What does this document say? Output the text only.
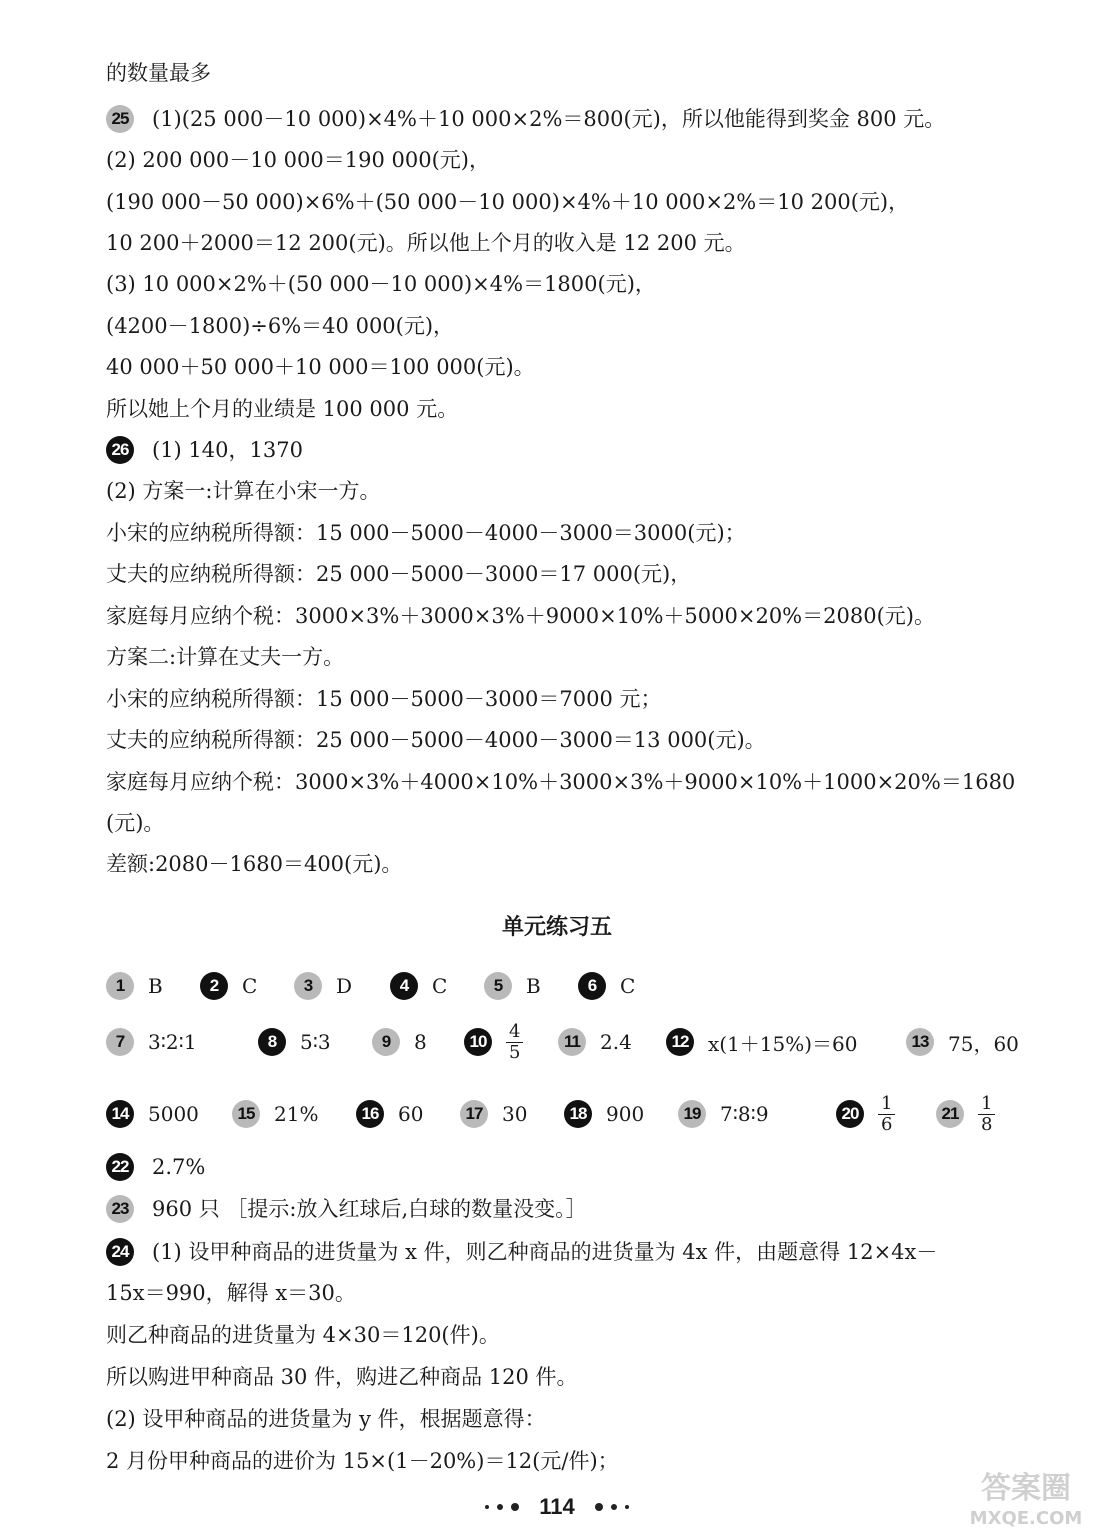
的数量最多
25 (1)(25 000－10 000)×4%＋10 000×2%＝800(元)，所以他能得到奖金 800 元。
(2) 200 000－10 000＝190 000(元)，
(190 000－50 000)×6%＋(50 000－10 000)×4%＋10 000×2%＝10 200(元)，
10 200＋2000＝12 200(元)。所以他上个月的收入是 12 200 元。
(3) 10 000×2%＋(50 000－10 000)×4%＝1800(元)，
(4200－1800)÷6%＝40 000(元)，
40 000＋50 000＋10 000＝100 000(元)。
所以她上个月的业绩是 100 000 元。
26 (1) 140，1370
(2) 方案一:计算在小宋一方。
小宋的应纳税所得额：15 000－5000－4000－3000＝3000(元)；
丈夫的应纳税所得额：25 000－5000－3000＝17 000(元)，
家庭每月应纳个税：3000×3%＋3000×3%＋9000×10%＋5000×20%＝2080(元)。
方案二:计算在丈夫一方。
小宋的应纳税所得额：15 000－5000－3000＝7000 元；
丈夫的应纳税所得额：25 000－5000－4000－3000＝13 000(元)。
家庭每月应纳个税：3000×3%＋4000×10%＋3000×3%＋9000×10%＋1000×20%＝1680
(元)。
差额:2080－1680＝400(元)。
单元练习五
1	B	2	C	3	D	4	C	5	B	6	C
7	3∶2∶1	8	5∶3	9	8	10	$\frac{4}{5}$	11	2.4	12 x(1＋15%)＝60	13 75，60
14 5000	15 21%	16 60	17 30	18 900	19 7∶8∶9	20	$\frac{1}{6}$	21	$\frac{1}{8}$
22 2.7%
23 960 只 ［提示:放入红球后,白球的数量没变。］
24 (1) 设甲种商品的进货量为 x 件，则乙种商品的进货量为 4x 件，由题意得 12×4x－
15x＝990，解得 x＝30。
则乙种商品的进货量为 4×30＝120(件)。
所以购进甲种商品 30 件，购进乙种商品 120 件。
(2) 设甲种商品的进货量为 y 件，根据题意得：
2 月份甲种商品的进价为 15×(1－20%)＝12(元/件)；
114
答案圈
MXQE.COM
